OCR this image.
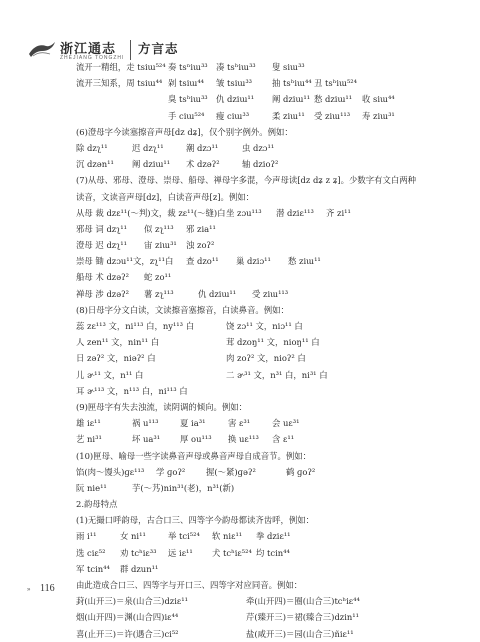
浙江通志
ZHEJIANG TONGZHI
方言志
流开一精组，走 tsiɯ⁵²⁴ 奏 tsⁿiɯ³³ 凑 tsʰiɯ³³ 叟 siɯ³³
流开三知系，周 tsiɯ⁴⁴ 剁 tsiɯ⁴⁴ 皱 tsiɯ³³ 抽 tsʰiɯ⁴⁴ 丑 tsʰiɯ⁵²⁴
臭 tsʰiɯ³³ 仇 dziɯ¹¹ 阐 dziɯ¹¹ 愁 dziɯ¹¹ 收 siɯ⁴⁴
手 ciɯ⁵²⁴ 瘦 ciɯ³³	柔 ziɯ¹¹ 受 ziɯ¹¹³ 寿 ziɯ³¹
(6)澄母字今读塞擦音声母[dz dʑ]，仅个别字例外。例如：
除 dzʅ¹¹	迟 dzʅ¹¹	潮 dzɔ¹¹	虫 dzɔ¹¹
沉 dzən¹¹ 阐 dziɯ¹¹ 术 dzəʔ²	轴 dzioʔ²
(7)从母、邪母、澄母、崇母、船母、禅母字多混，今声母读[dz dʑ z ʑ]。少数字有文白两种
读音，文读音声母[dz]，白读音声母[z]。例如：
从母 裁 dzɛ¹¹(～判)文，裁 zɛ¹¹(～缝)白 坐 zɔu¹¹³ 潜 dziɛ¹¹³ 齐 zi¹¹
邪母 词 dzʅ¹¹ 似 zʅ¹¹³ 邪 zia¹¹
澄母 迟 dzʅ¹¹ 宙 ziɯ³¹ 浊 zoʔ²
崇母 锄 dzɔu¹¹文，zʅ¹¹白 查 dzo¹¹ 巢 dziɔ¹¹ 愁 ziɯ¹¹
船母 术 dzəʔ² 蛇 zo¹¹
禅母 涉 dzəʔ² 薯 zʅ¹¹³	仇 dziɯ¹¹ 受 ziɯ¹¹³
(8)日母字分文白读，文读擦音塞擦音，白读鼻音。例如：
蕊 zɛ¹¹³ 文，ni¹¹³ 白，ny¹¹³ 白	饶 zɔ¹¹ 文，niɔ¹¹ 白
人 zen¹¹ 文，nin¹¹ 白	茸 dzoŋ¹¹ 文，nioŋ¹¹ 白
日 zəʔ² 文，niəʔ² 白	肉 zoʔ² 文，nioʔ² 白
儿 ɚ¹¹ 文，n¹¹ 白	二 ɚ³¹ 文，n³¹ 白，ni³¹ 白
耳 ɚ¹¹³ 文，n¹¹³ 白，ni¹¹³ 白
(9)匣母字有失去浊流，读阴调的倾向。例如：
雄 iɛ¹¹	祸 u¹¹³	夏 ia³¹	害 ɛ³¹	会 uɛ³¹
艺 ni³¹	坏 ua³¹ 厚 ou¹¹³ 换 uɛ¹¹³ 含 ɛ¹¹
(10)匣母、喻母一些字读鼻音声母或鼻音声母自成音节。例如：
馅(肉～馒头)ɡɛ¹¹³ 学 ɡoʔ² 握(～紧)ɡəʔ²	鹤 ɡoʔ²
阮 nie¹¹	芋(～艿)nin³¹(老)，n³¹(新)
2.韵母特点
(1)无撮口呼韵母，古合口三、四等字今韵母都读齐齿呼，例如：
雨 i¹¹	女 ni¹¹	举 tci⁵²⁴ 软 niɛ¹¹ 拳 dziɛ¹¹
选 ciɛ⁵² 劝 tcʰiɛ³³ 远 iɛ¹¹ 犬 tcʰiɛ⁵²⁴ 均 tcin⁴⁴
军 tcin⁴⁴ 群 dzun¹¹
由此造成合口三、四等字与开口三、四等字对应同音。例如：
葑(山开三)＝泉(山合三)dziɛ¹¹	牵(山开四)＝圈(山合三)tcʰiɛ⁴⁴
烟(山开四)＝渊(山合四)iɛ⁴⁴	芹(臻开三)＝裙(臻合三)dzin¹¹
喜(止开三)＝许(遇合三)ci⁵²	盐(咸开三)＝园(山合三)ñiɛ¹¹
» 116
